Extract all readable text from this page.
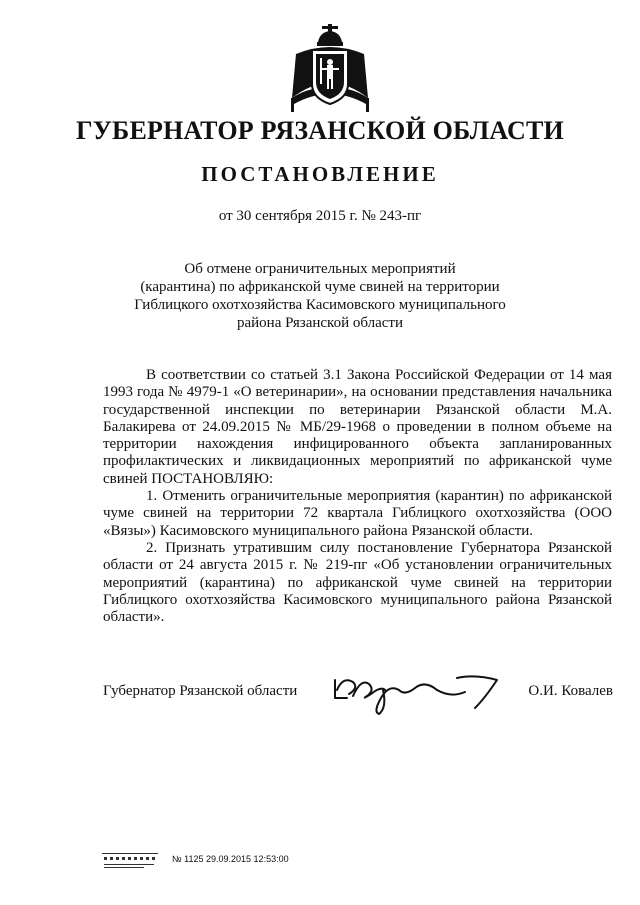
ГУБЕРНАТОР РЯЗАНСКОЙ ОБЛАСТИ
ПОСТАНОВЛЕНИЕ
от 30 сентября 2015 г. № 243-пг
Об отмене ограничительных мероприятий
(карантина) по африканской чуме свиней на территории
Гиблицкого охотхозяйства Касимовского муниципального
района Рязанской области

В соответствии со статьей 3.1 Закона Российской Федерации от 14 мая 1993 года № 4979-1 «О ветеринарии», на основании представления начальника государственной инспекции по ветеринарии Рязанской области М.А. Балакирева от 24.09.2015 № МБ/29-1968 о проведении в полном объеме на территории нахождения инфицированного объекта запланированных профилактических и ликвидационных мероприятий по африканской чуме свиней ПОСТАНОВЛЯЮ:

1. Отменить ограничительные мероприятия (карантин) по африканской чуме свиней на территории 72 квартала Гиблицкого охотхозяйства (ООО «Вязы») Касимовского муниципального района Рязанской области.

2. Признать утратившим силу постановление Губернатора Рязанской области от 24 августа 2015 г. № 219-пг «Об установлении ограничительных мероприятий (карантина) по африканской чуме свиней на территории Гиблицкого охотхозяйства Касимовского муниципального района Рязанской области».

Губернатор Рязанской области	О.И. Ковалев
№ 1125 29.09.2015 12:53:00
